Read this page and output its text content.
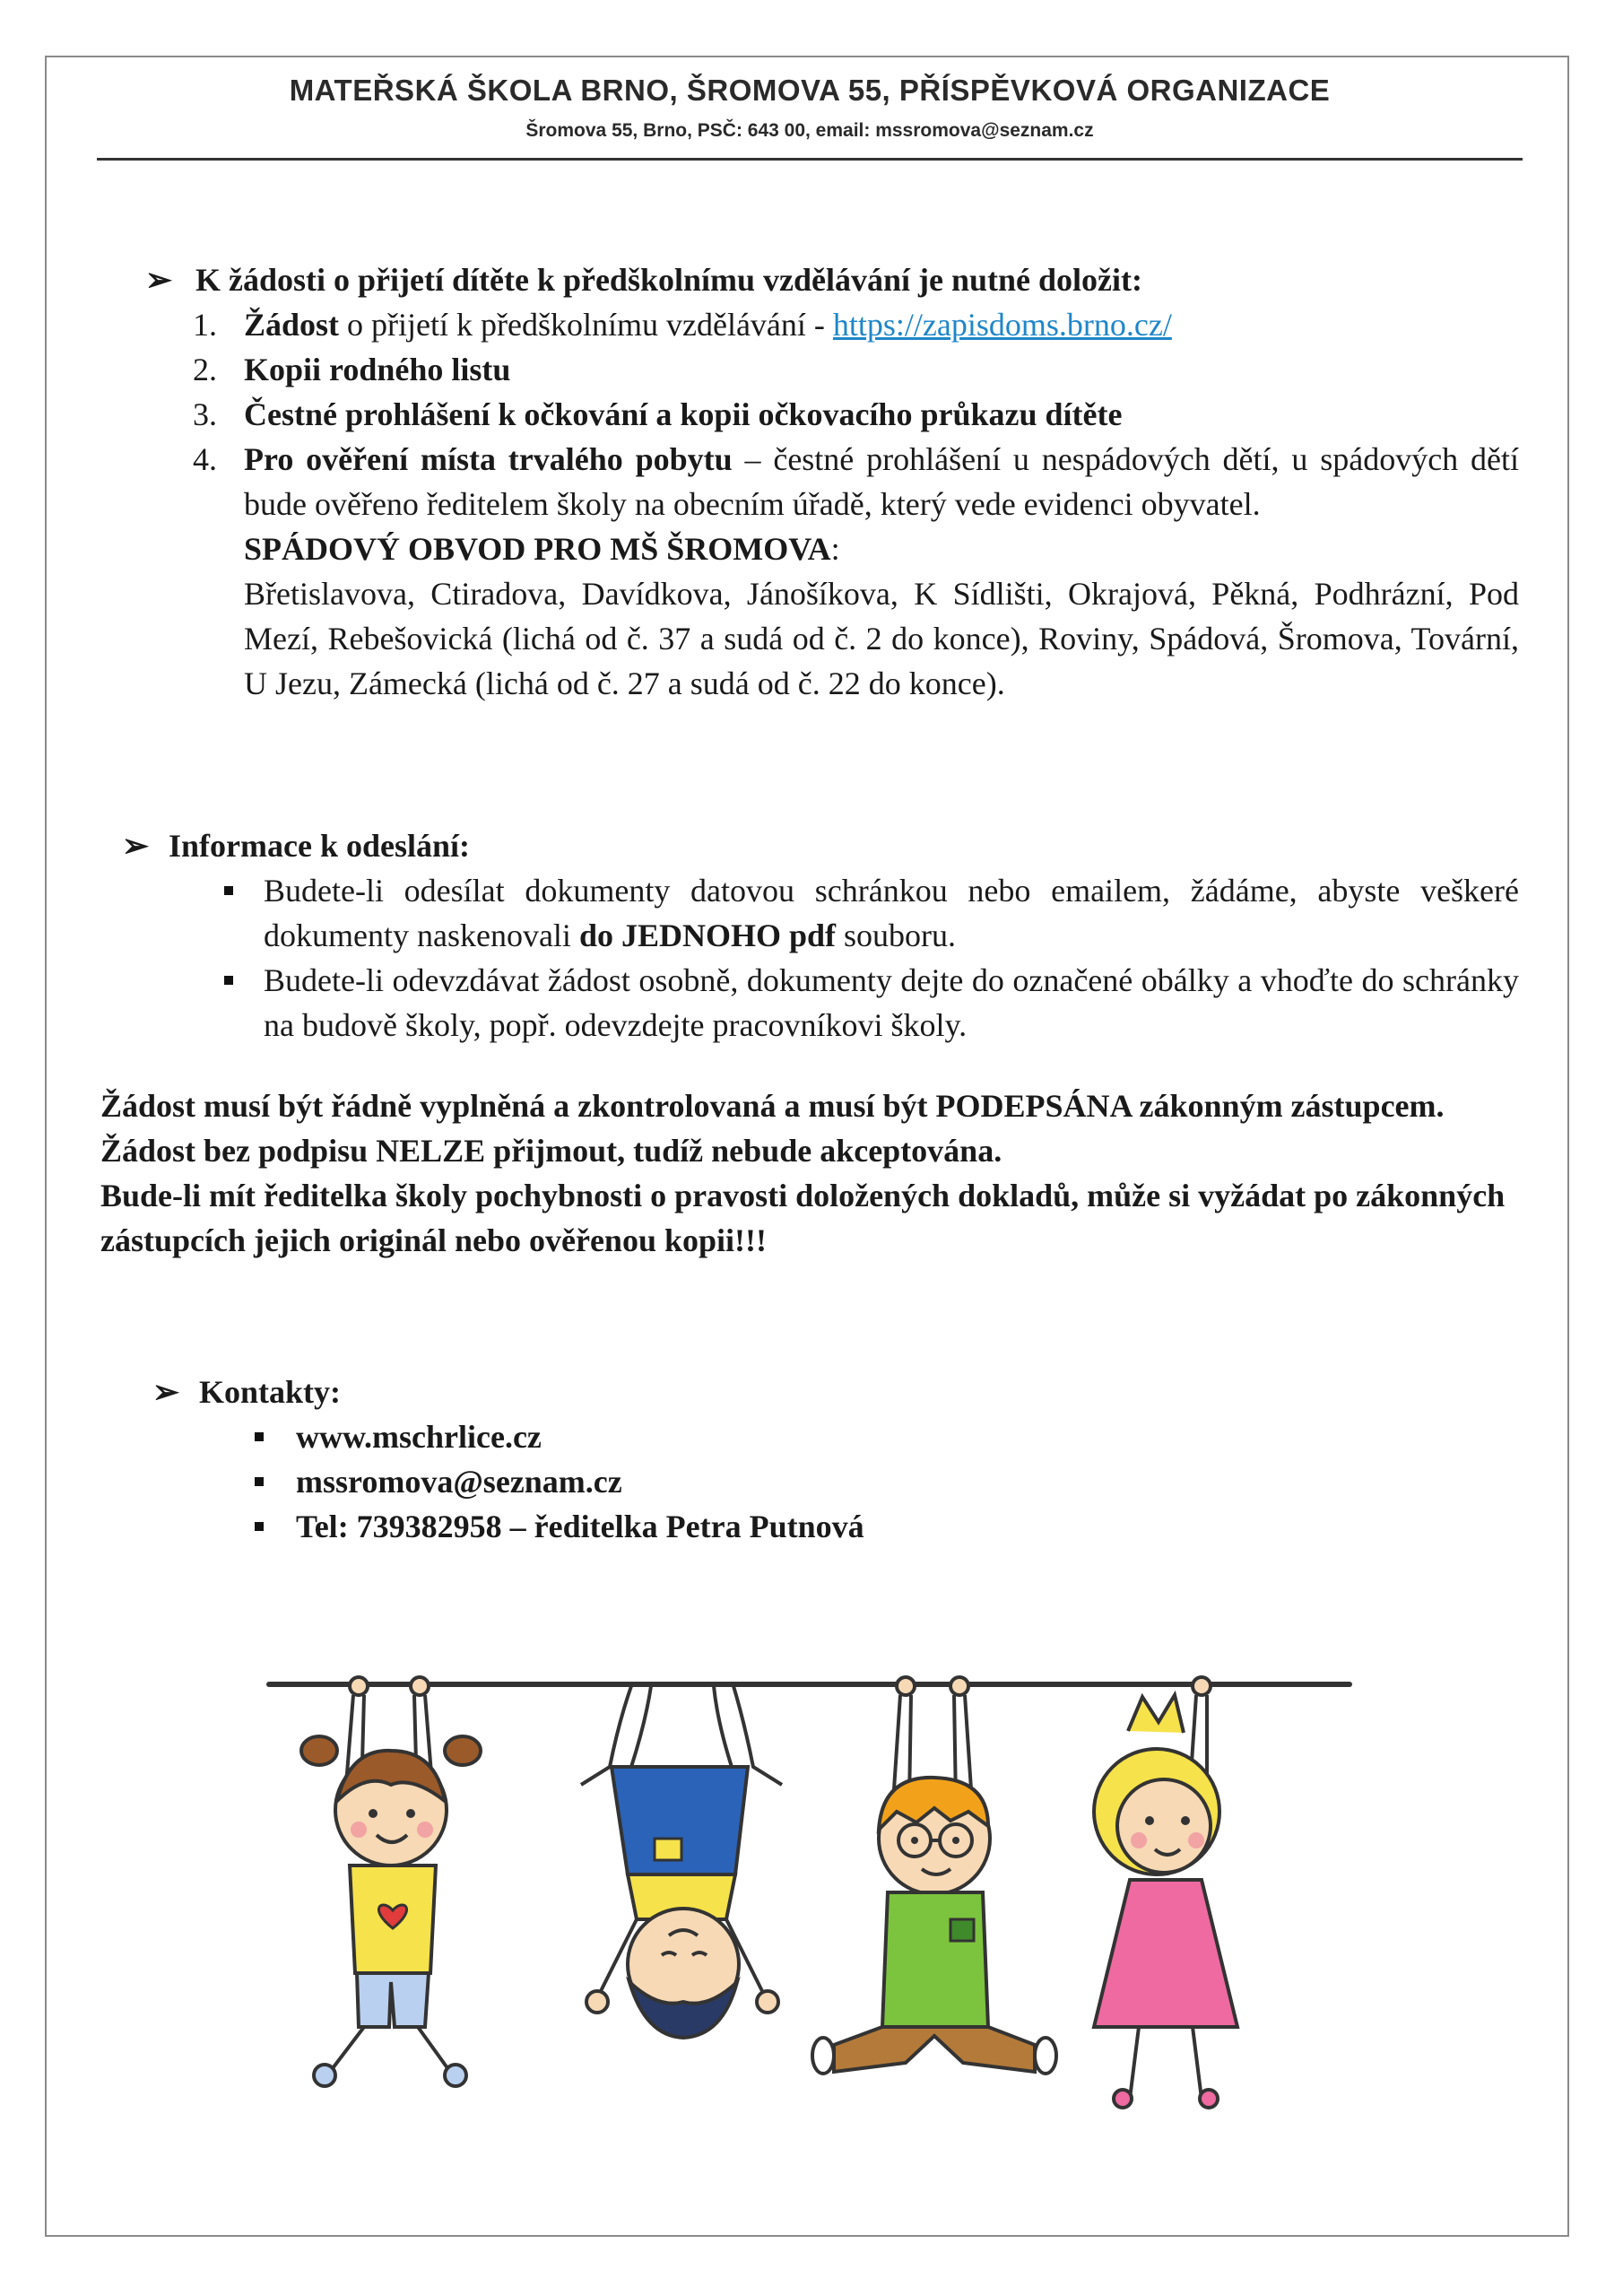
MATEŘSKÁ ŠKOLA BRNO, ŠROMOVA 55, PŘÍSPĚVKOVÁ ORGANIZACE
Šromova 55, Brno, PSČ: 643 00, email: mssromova@seznam.cz
➢ K žádosti o přijetí dítěte k předškolnímu vzdělávání je nutné doložit:
1. Žádost o přijetí k předškolnímu vzdělávání - https://zapisdoms.brno.cz/
2. Kopii rodného listu
3. Čestné prohlášení k očkování a kopii očkovacího průkazu dítěte
4. Pro ověření místa trvalého pobytu – čestné prohlášení u nespádových dětí, u spádových dětí bude ověřeno ředitelem školy na obecním úřadě, který vede evidenci obyvatel.
SPÁDOVÝ OBVOD PRO MŠ ŠROMOVA:
Břetislavova, Ctiradova, Davídkova, Jánošíkova, K Sídlišti, Okrajová, Pěkná, Podhrázní, Pod Mezí, Rebešovická (lichá od č. 37 a sudá od č. 2 do konce), Roviny, Spádová, Šromova, Tovární, U Jezu, Zámecká (lichá od č. 27 a sudá od č. 22 do konce).
➢ Informace k odeslání:
Budete-li odesílat dokumenty datovou schránkou nebo emailem, žádáme, abyste veškeré dokumenty naskenovali do JEDNOHO pdf souboru.
Budete-li odevzdávat žádost osobně, dokumenty dejte do označené obálky a vhoďte do schránky na budově školy, popř. odevzdejte pracovníkovi školy.
Žádost musí být řádně vyplněná a zkontrolovaná a musí být PODEPSÁNA zákonným zástupcem. Žádost bez podpisu NELZE přijmout, tudíž nebude akceptována.
Bude-li mít ředitelka školy pochybnosti o pravosti doložených dokladů, může si vyžádat po zákonných zástupcích jejich originál nebo ověřenou kopii!!!
➢ Kontakty:
www.mschrlice.cz
mssromova@seznam.cz
Tel: 739382958 – ředitelka Petra Putnová
